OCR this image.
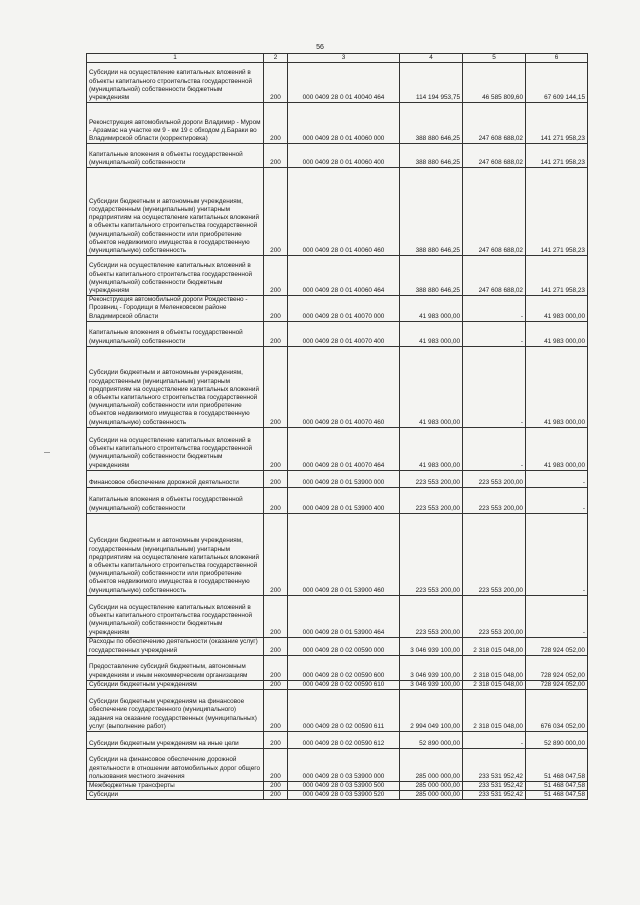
56
1	2	3	4	5	6
Субсидии на осуществление капитальных вложений в объекты капитального строительства государственной (муниципальной) собственности бюджетным учреждениям	200	000 0409 28 0 01 40040 464	114 194 953,75	46 585 809,60	67 609 144,15
Реконструкция автомобильной дороги Владимир - Муром - Арзамас на участке км 9 - км 19 с обходом д.Бараки во Владимирской области (корректировка)	200	000 0409 28 0 01 40060 000	388 880 646,25	247 608 688,02	141 271 958,23
Капитальные вложения в объекты государственной (муниципальной) собственности	200	000 0409 28 0 01 40060 400	388 880 646,25	247 608 688,02	141 271 958,23
Субсидии бюджетным и автономным учреждениям, государственным (муниципальным) унитарным предприятиям на осуществление капитальных вложений в объекты капитального строительства государственной (муниципальной) собственности или приобретение объектов недвижимого имущества в государственную (муниципальную) собственность	200	000 0409 28 0 01 40060 460	388 880 646,25	247 608 688,02	141 271 958,23
Субсидии на осуществление капитальных вложений в объекты капитального строительства государственной (муниципальной) собственности бюджетным учреждениям	200	000 0409 28 0 01 40060 464	388 880 646,25	247 608 688,02	141 271 958,23
Реконструкция автомобильной дороги Рождествено - Прозвниц - Городищи в Меленковском районе Владимирской области	200	000 0409 28 0 01 40070 000	41 983 000,00	-	41 983 000,00
Капитальные вложения в объекты государственной (муниципальной) собственности	200	000 0409 28 0 01 40070 400	41 983 000,00	-	41 983 000,00
Субсидии бюджетным и автономным учреждениям, государственным (муниципальным) унитарным предприятиям на осуществление капитальных вложений в объекты капитального строительства государственной (муниципальной) собственности или приобретение объектов недвижимого имущества в государственную (муниципальную) собственность	200	000 0409 28 0 01 40070 460	41 983 000,00	-	41 983 000,00
Субсидии на осуществление капитальных вложений в объекты капитального строительства государственной (муниципальной) собственности бюджетным учреждениям	200	000 0409 28 0 01 40070 464	41 983 000,00	-	41 983 000,00
Финансовое обеспечение дорожной деятельности	200	000 0409 28 0 01 53900 000	223 553 200,00	223 553 200,00	-
Капитальные вложения в объекты государственной (муниципальной) собственности	200	000 0409 28 0 01 53900 400	223 553 200,00	223 553 200,00	-
Субсидии бюджетным и автономным учреждениям, государственным (муниципальным) унитарным предприятиям на осуществление капитальных вложений в объекты капитального строительства государственной (муниципальной) собственности или приобретение объектов недвижимого имущества в государственную (муниципальную) собственность	200	000 0409 28 0 01 53900 460	223 553 200,00	223 553 200,00	-
Субсидии на осуществление капитальных вложений в объекты капитального строительства государственной (муниципальной) собственности бюджетным учреждениям	200	000 0409 28 0 01 53900 464	223 553 200,00	223 553 200,00	-
Расходы по обеспечению деятельности (оказание услуг) государственных учреждений	200	000 0409 28 0 02 00590 000	3 046 939 100,00	2 318 015 048,00	728 924 052,00
Предоставление субсидий бюджетным, автономным учреждениям и иным некоммерческим организациям	200	000 0409 28 0 02 00590 600	3 046 939 100,00	2 318 015 048,00	728 924 052,00
Субсидии бюджетным учреждениям	200	000 0409 28 0 02 00590 610	3 046 939 100,00	2 318 015 048,00	728 924 052,00
Субсидии бюджетным учреждениям на финансовое обеспечение государственного (муниципального) задания на оказание государственных (муниципальных) услуг (выполнение работ)	200	000 0409 28 0 02 00590 611	2 994 049 100,00	2 318 015 048,00	676 034 052,00
Субсидии бюджетным учреждениям на иные цели	200	000 0409 28 0 02 00590 612	52 890 000,00	-	52 890 000,00
Субсидии на финансовое обеспечение дорожной деятельности в отношении автомобильных дорог общего пользования местного значения	200	000 0409 28 0 03 53900 000	285 000 000,00	233 531 952,42	51 468 047,58
Межбюджетные трансферты	200	000 0409 28 0 03 53900 500	285 000 000,00	233 531 952,42	51 468 047,58
Субсидии	200	000 0409 28 0 03 53900 520	285 000 000,00	233 531 952,42	51 468 047,58
